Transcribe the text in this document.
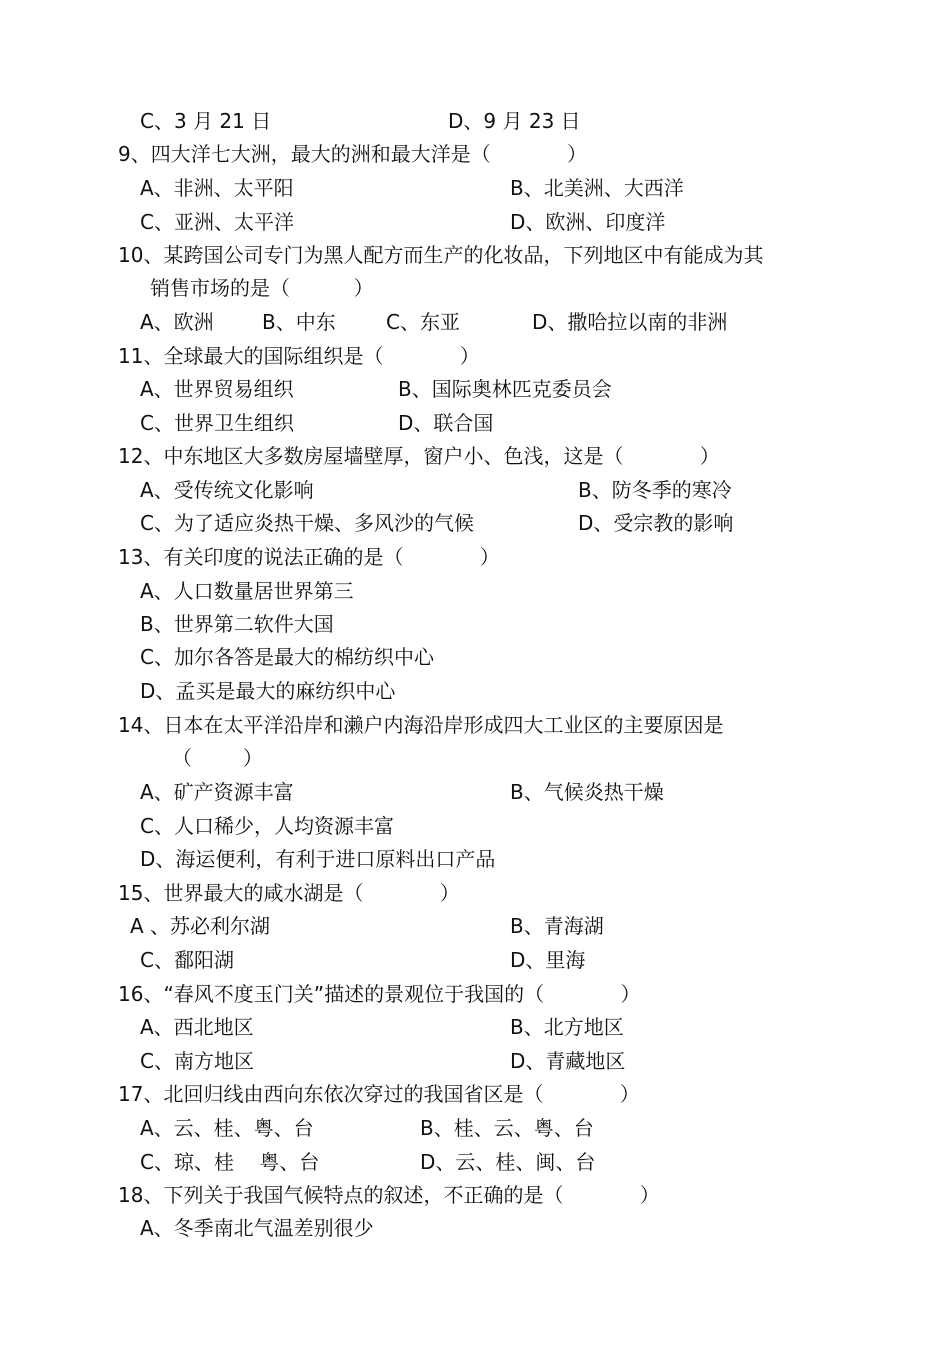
C、3 月 21 日	D、9 月 23 日
9、四大洋七大洲，最大的洲和最大洋是（            ）
A、非洲、太平阳	B、北美洲、大西洋
C、亚洲、太平洋	D、欧洲、印度洋
10、某跨国公司专门为黑人配方而生产的化妆品，下列地区中有能成为其
销售市场的是（          ）
A、欧洲 B、中东	C、东亚	D、撒哈拉以南的非洲
11、全球最大的国际组织是（            ）
A、世界贸易组织	B、国际奥林匹克委员会
C、世界卫生组织	D、联合国
12、中东地区大多数房屋墙壁厚，窗户小、色浅，这是（            ）
A、受传统文化影响	B、防冬季的寒冷
C、为了适应炎热干燥、多风沙的气候	D、受宗教的影响
13、有关印度的说法正确的是（            ）
A、人口数量居世界第三
B、世界第二软件大国
C、加尔各答是最大的棉纺织中心
D、孟买是最大的麻纺织中心
14、日本在太平洋沿岸和濑户内海沿岸形成四大工业区的主要原因是
（        ）
A、矿产资源丰富	B、气候炎热干燥
C、人口稀少，人均资源丰富
D、海运便利，有利于进口原料出口产品
15、世界最大的咸水湖是（            ）
A 、苏必利尔湖	B、青海湖
C、鄱阳湖	D、里海
16、“春风不度玉门关”描述的景观位于我国的（            ）
A、西北地区	B、北方地区
C、南方地区	D、青藏地区
17、北回归线由西向东依次穿过的我国省区是（            ）
A、云、桂、粤、台	B、桂、云、粤、台
C、琼、桂    粤、台	D、云、桂、闽、台
18、下列关于我国气候特点的叙述，不正确的是（            ）
A、冬季南北气温差别很少
